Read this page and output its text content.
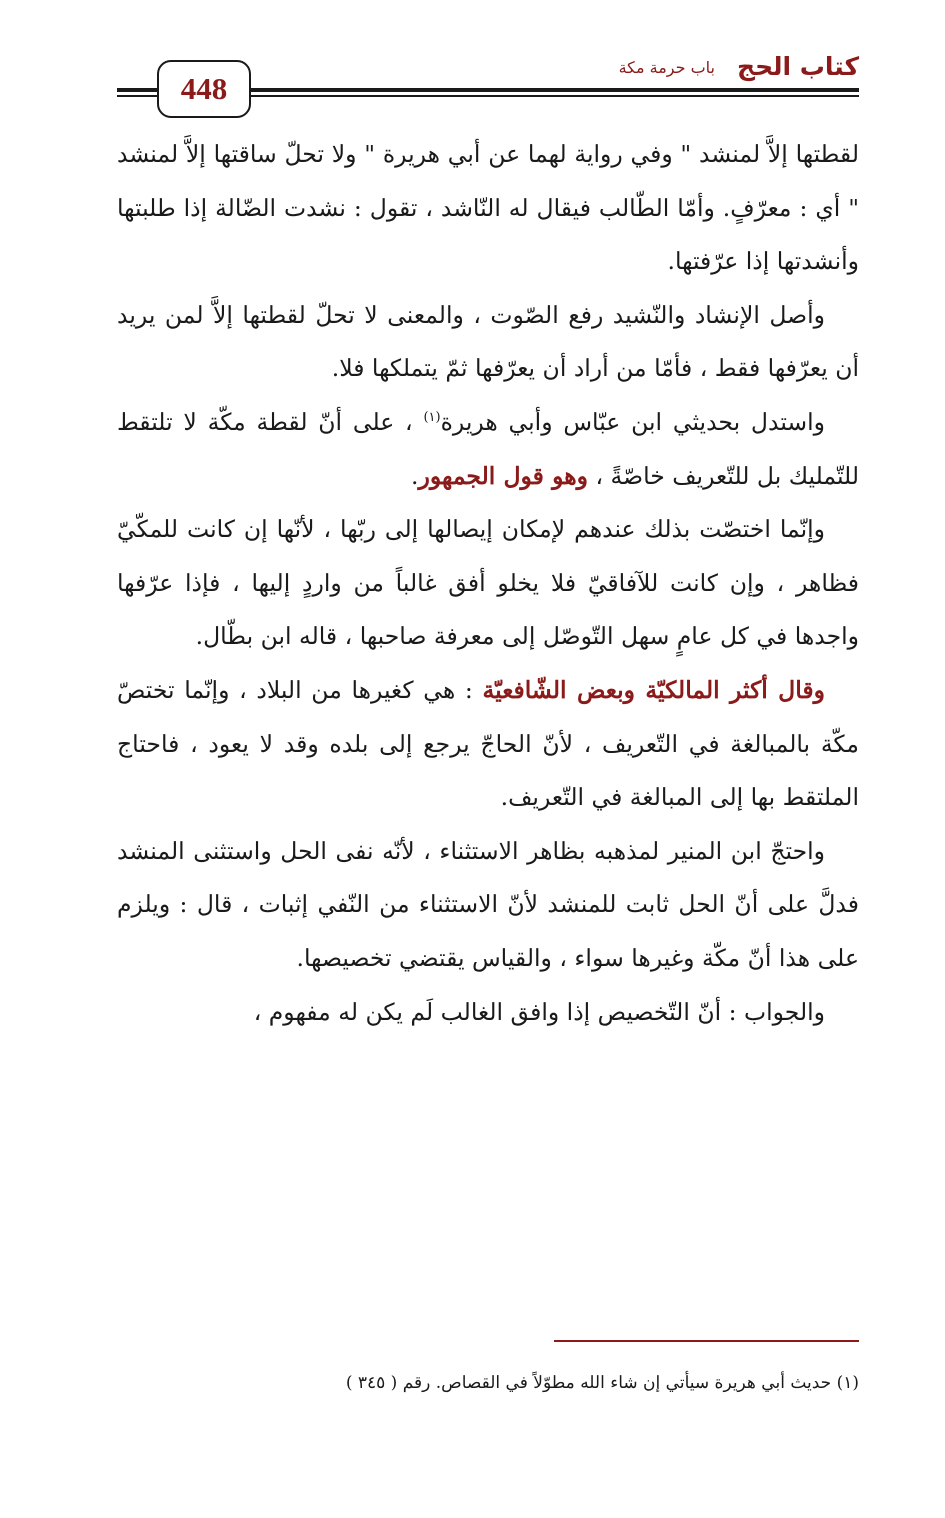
448
كتاب الحج
باب حرمة مكة

لقطتها إلاَّ لمنشد " وفي رواية لهما عن أبي هريرة " ولا تحلّ ساقتها إلاَّ لمنشد " أي : معرّفٍ. وأمّا الطّالب فيقال له النّاشد ، تقول : نشدت الضّالة إذا طلبتها وأنشدتها إذا عرّفتها.

وأصل الإنشاد والنّشيد رفع الصّوت ، والمعنى لا تحلّ لقطتها إلاَّ لمن يريد أن يعرّفها فقط ، فأمّا من أراد أن يعرّفها ثمّ يتملكها فلا.

واستدل بحديثي ابن عبّاس وأبي هريرة$^{(١)}$ ، على أنّ لقطة مكّة لا تلتقط للتّمليك بل للتّعريف خاصّةً ، وهو قول الجمهور.

وإنّما اختصّت بذلك عندهم لإمكان إيصالها إلى ربّها ، لأنّها إن كانت للمكّيّ فظاهر ، وإن كانت للآفاقيّ فلا يخلو أفق غالباً من واردٍ إليها ، فإذا عرّفها واجدها في كل عامٍ سهل التّوصّل إلى معرفة صاحبها ، قاله ابن بطّال.

وقال أكثر المالكيّة وبعض الشّافعيّة : هي كغيرها من البلاد ، وإنّما تختصّ مكّة بالمبالغة في التّعريف ، لأنّ الحاجّ يرجع إلى بلده وقد لا يعود ، فاحتاج الملتقط بها إلى المبالغة في التّعريف.

واحتجّ ابن المنير لمذهبه بظاهر الاستثناء ، لأنّه نفى الحل واستثنى المنشد فدلَّ على أنّ الحل ثابت للمنشد لأنّ الاستثناء من النّفي إثبات ، قال : ويلزم على هذا أنّ مكّة وغيرها سواء ، والقياس يقتضي تخصيصها.

والجواب : أنّ التّخصيص إذا وافق الغالب لَم يكن له مفهوم ،

(١) حديث أبي هريرة سيأتي إن شاء الله مطوّلاً في القصاص. رقم ( ٣٤٥ )
